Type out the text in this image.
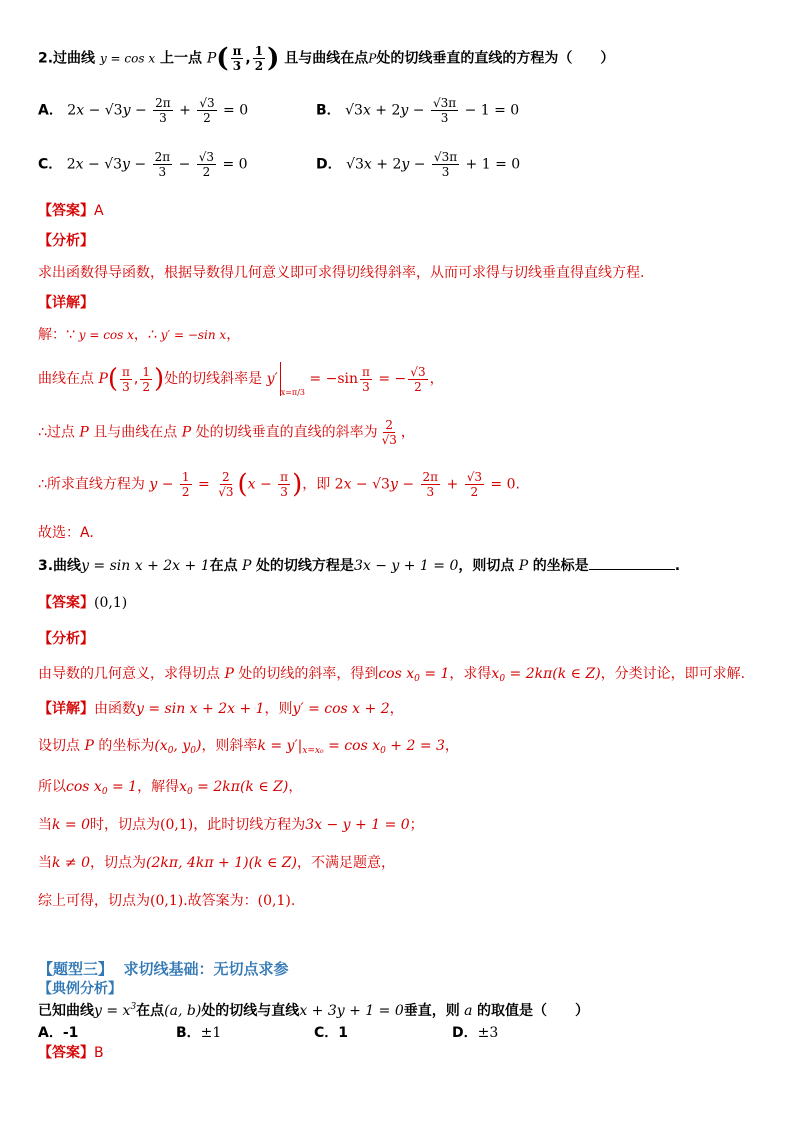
2.过曲线 y = cos x 上一点 $P( \frac{\pi}{3}$ , $\frac{1}{2}$ ) 且与曲线在点P处的切线垂直的直线的方程为（　　）
A． $2x - √3y - \frac{2\pi}{3} + \frac{√3}{2} = 0$	B． $√3x + 2y - \frac{√3\pi}{3} - 1 = 0$
C． $2x - √3y - \frac{2\pi}{3} - \frac{√3}{2} = 0$	D． $√3x + 2y - \frac{√3\pi}{3} + 1 = 0$
【答案】A
【分析】
求出函数得导函数，根据导数得几何意义即可求得切线得斜率，从而可求得与切线垂直得直线方程.
【详解】
解：∵ y = cos x，∴ y′ = −sin x，
曲线在点 $P( \frac{\pi}{3}$ , $\frac{1}{2}$ )处的切线斜率是 $y'_{x=\pi/3} = -\sin \frac{\pi}{3}$ = − $\frac{√3}{2}$ ，
∴过点 P 且与曲线在点 P 处的切线垂直的直线的斜率为 $\frac{2}{√3}$ ，
∴所求直线方程为 $y - \frac{1}{2} = \frac{2}{√3} (x - \frac{\pi}{3}$ )，即 $2x - √3y - \frac{2\pi}{3} + \frac{√3}{2} = 0$.
故选：A.
3.曲线y = sin x + 2x + 1在点 P 处的切线方程是3x − y + 1 = 0，则切点 P 的坐标是	.
【答案】(0,1)
【分析】
由导数的几何意义，求得切点 P 处的切线的斜率，得到$\cos x_0 = 1$，求得$x_0 = 2k\pi(k$ ∈ Z)，分类讨论，即可求解.
【详解】由函数y = sin x + 2x + 1，则y′ = cos x + 2，
设切点 P 的坐标为($x_0$, $y_0$)，则斜率$k = y'|_{x=x_0} = \cos x_0 + 2 = 3$，
所以$\cos x_0 = 1$，解得$x_0 = 2k\pi(k$ ∈ Z)，
当k = 0时，切点为(0,1)，此时切线方程为3x − y + 1 = 0；
当k ≠ 0，切点为(2kπ, 4kπ + 1)(k ∈ Z)，不满足题意，
综上可得，切点为(0,1).故答案为：(0,1).
【题型三】 求切线基础：无切点求参
【典例分析】
已知曲线$y = x^3$在点(a, b)处的切线与直线x + 3y + 1 = 0垂直，则 a 的取值是（　　）
A．-1	B．±1	C．1	D．±3
【答案】B
